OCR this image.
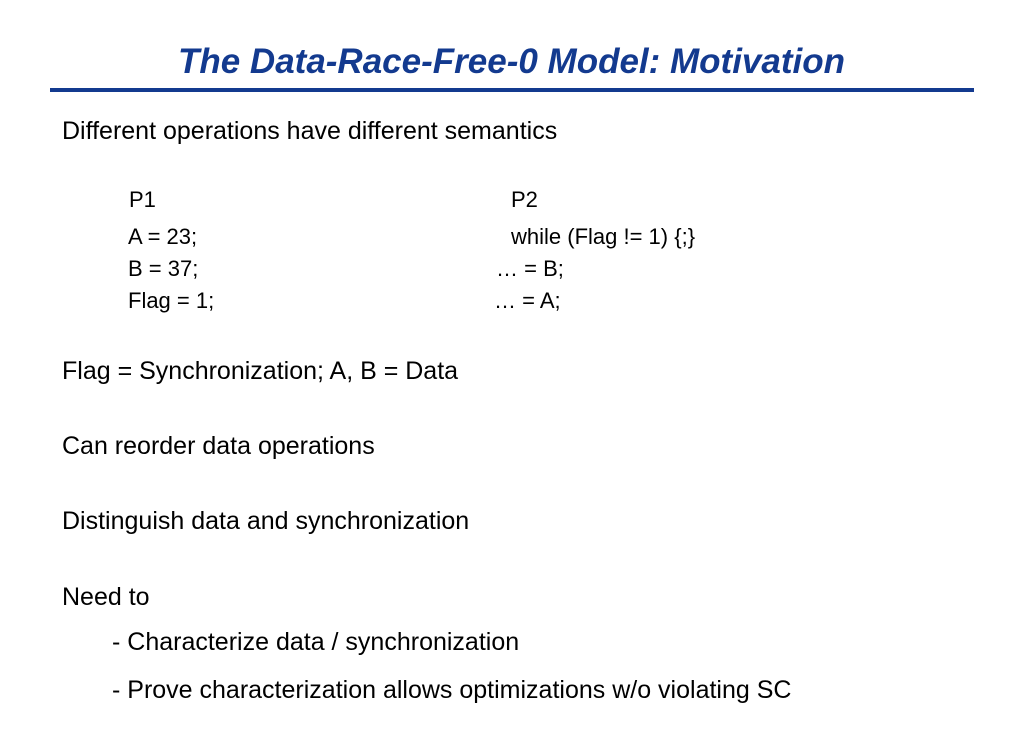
The Data-Race-Free-0 Model: Motivation
Different operations have different semantics
P1	P2
A = 23;
B = 37;
Flag = 1;
while (Flag != 1) {;}
… = B;
… = A;
Flag = Synchronization; A, B = Data
Can reorder data operations
Distinguish data and synchronization
Need to
- Characterize data / synchronization
- Prove characterization allows optimizations w/o violating SC
